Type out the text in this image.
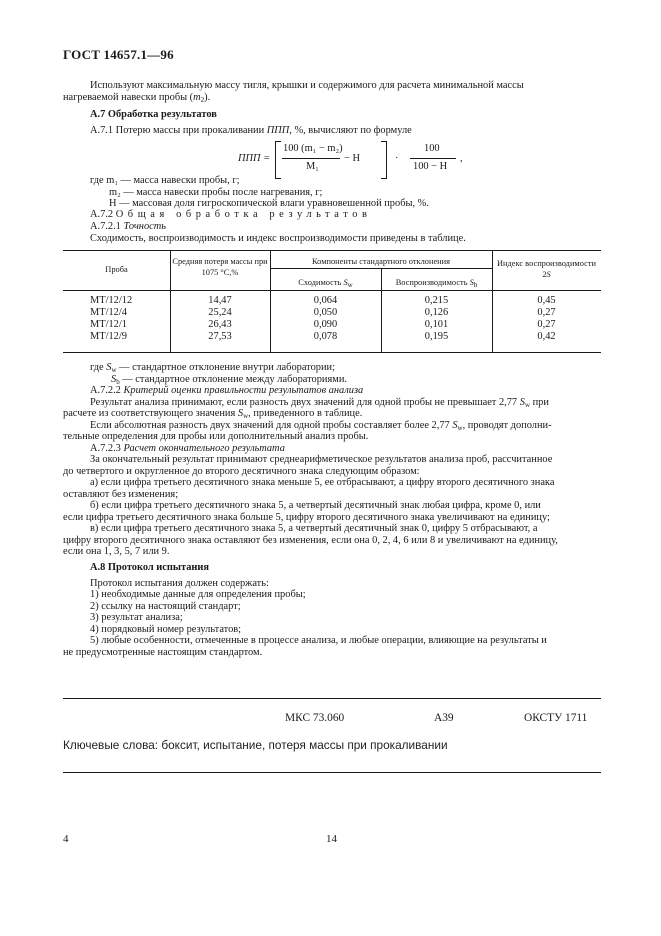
ГОСТ 14657.1—96
Используют максимальную массу тигля, крышки и содержимого для расчета минимальной массы
нагреваемой навески пробы $(m_2)$.
А.7 Обработка результатов
А.7.1 Потерю массы при прокаливании ППП, %, вычисляют по формуле
ППП =
100 (m₁ − m₂)
M₁
− H	·
100
100 − H
,
где m₁ — масса навески пробы, г;
m₂ — масса навески пробы после нагревания, г;
H — массовая доля гигроскопической влаги уравновешенной пробы, %.
А.7.2 Общая обработка результатов
А.7.2.1 Точность
Сходимость, воспроизводимость и индекс воспроизводимости приведены в таблице.
Проба
Средняя потеря массы при 1075 °С,%
Компоненты стандартного отклонения
Сходимость $S_w$	Воспроизводимость $S_b$
Индекс воспроизводимости 2S
МТ/12/12	14,47	0,064	0,215	0,45
МТ/12/4	25,24	0,050	0,126	0,27
МТ/12/1	26,43	0,090	0,101	0,27
МТ/12/9	27,53	0,078	0,195	0,42
где $S_w$ — стандартное отклонение внутри лаборатории;
$S_b$ — стандартное отклонение между лабораториями.
А.7.2.2 Критерий оценки правильности результатов анализа
Результат анализа принимают, если разность двух значений для одной пробы не превышает 2,77 $S_w$ при
расчете из соответствующего значения $S_w$, приведенного в таблице.
Если абсолютная разность двух значений для одной пробы составляет более 2,77 $S_w$, проводят дополни-
тельные определения для пробы или дополнительный анализ пробы.
А.7.2.3 Расчет окончательного результата
За окончательный результат принимают среднеарифметическое результатов анализа проб, рассчитанное
до четвертого и округленное до второго десятичного знака следующим образом:
а) если цифра третьего десятичного знака меньше 5, ее отбрасывают, а цифру второго десятичного знака
оставляют без изменения;
б) если цифра третьего десятичного знака 5, а четвертый десятичный знак любая цифра, кроме 0, или
если цифра третьего десятичного знака больше 5, цифру второго десятичного знака увеличивают на единицу;
в) если цифра третьего десятичного знака 5, а четвертый десятичный знак 0, цифру 5 отбрасывают, а
цифру второго десятичного знака оставляют без изменения, если она 0, 2, 4, 6 или 8 и увеличивают на единицу,
если она 1, 3, 5, 7 или 9.
А.8 Протокол испытания
Протокол испытания должен содержать:
1) необходимые данные для определения пробы;
2) ссылку на настоящий стандарт;
3) результат анализа;
4) порядковый номер результатов;
5) любые особенности, отмеченные в процессе анализа, и любые операции, влияющие на результаты и
не предусмотренные настоящим стандартом.
МКС 73.060	А39	ОКСТУ 1711
Ключевые слова: боксит, испытание, потеря массы при прокаливании
4	14
